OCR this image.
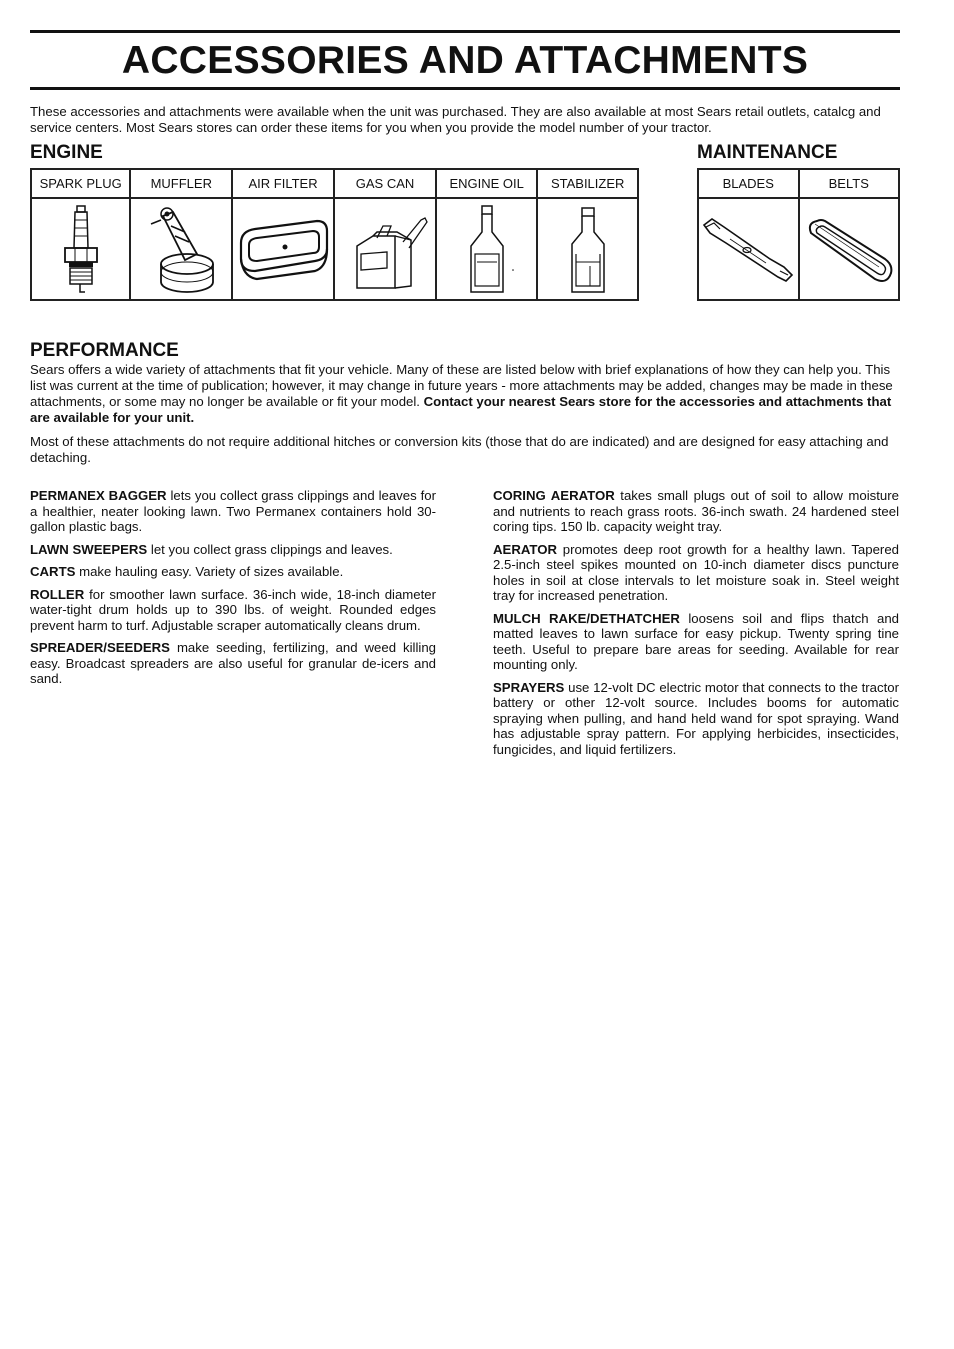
ACCESSORIES AND ATTACHMENTS
These accessories and attachments were available when the unit was purchased. They are also available at most Sears retail outlets, catalcg and service centers. Most Sears stores can order these items for you when you provide the model number of your tractor.
ENGINE	MAINTENANCE
SPARK PLUG	MUFFLER	AIR FILTER	GAS CAN	ENGINE OIL	STABILIZER

		BLADES	BELTS

PERFORMANCE

Sears offers a wide variety of attachments that fit your vehicle. Many of these are listed below with brief explanations of how they can help you. This list was current at the time of publication; however, it may change in future years - more attachments may be added, changes may be made in these attachments, or some may no longer be available or fit your model. Contact your nearest Sears store for the accessories and attachments that are available for your unit.

Most of these attachments do not require additional hitches or conversion kits (those that do are indicated) and are designed for easy attaching and detaching.

PERMANEX BAGGER lets you collect grass clippings and leaves for a healthier, neater looking lawn. Two Permanex containers hold 30-gallon plastic bags.

LAWN SWEEPERS let you collect grass clippings and leaves.

CARTS make hauling easy. Variety of sizes available.

ROLLER for smoother lawn surface. 36-inch wide, 18-inch diameter water-tight drum holds up to 390 lbs. of weight. Rounded edges prevent harm to turf. Adjustable scraper automatically cleans drum.

SPREADER/SEEDERS make seeding, fertilizing, and weed killing easy. Broadcast spreaders are also useful for granular de-icers and sand.

CORING AERATOR takes small plugs out of soil to allow moisture and nutrients to reach grass roots. 36-inch swath. 24 hardened steel coring tips. 150 lb. capacity weight tray.

AERATOR promotes deep root growth for a healthy lawn. Tapered 2.5-inch steel spikes mounted on 10-inch diameter discs puncture holes in soil at close intervals to let moisture soak in. Steel weight tray for increased penetration.

MULCH RAKE/DETHATCHER loosens soil and flips thatch and matted leaves to lawn surface for easy pickup. Twenty spring tine teeth. Useful to prepare bare areas for seeding. Available for rear mounting only.

SPRAYERS use 12-volt DC electric motor that connects to the tractor battery or other 12-volt source. Includes booms for automatic spraying when pulling, and hand held wand for spot spraying. Wand has adjustable spray pattern. For applying herbicides, insecticides, fungicides, and liquid fertilizers.
